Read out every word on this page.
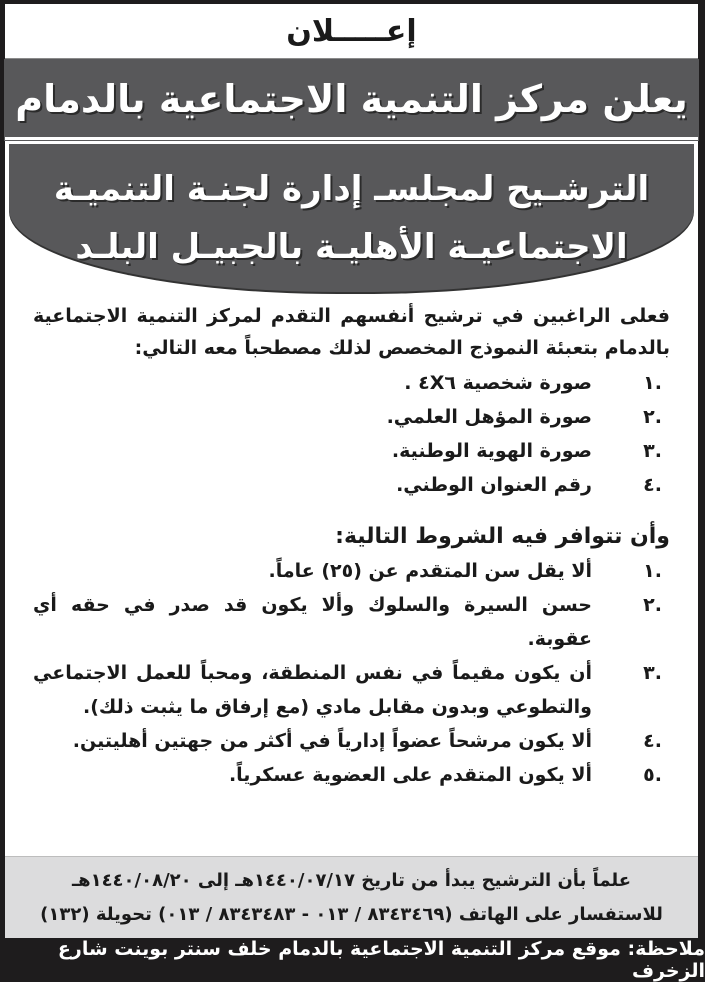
إعـــــلان
يعلن مركز التنمية الاجتماعية بالدمام
الترشـيح لمجلسـ إدارة لجنـة التنميـة
الاجتماعيـة الأهليـة بالجبيـل البلـد

فعلى الراغبين في ترشيح أنفسهم التقدم لمركز التنمية الاجتماعية بالدمام بتعبئة النموذج المخصص لذلك مصطحباً معه التالي:

.١
صورة شخصية ٤X٦ .
.٢
صورة المؤهل العلمي.
.٣
صورة الهوية الوطنية.
.٤
رقم العنوان الوطني.
وأن تتوافر فيه الشروط التالية:
.١
ألا يقل سن المتقدم عن (٢٥) عاماً.
.٢
حسن السيرة والسلوك وألا يكون قد صدر في حقه أي عقوبة.
.٣
أن يكون مقيماً في نفس المنطقة، ومحباً للعمل الاجتماعي والتطوعي وبدون مقابل مادي (مع إرفاق ما يثبت ذلك).
.٤
ألا يكون مرشحاً عضواً إدارياً في أكثر من جهتين أهليتين.
.٥
ألا يكون المتقدم على العضوية عسكرياً.
علماً بأن الترشيح يبدأ من تاريخ ١٤٤٠/٠٧/١٧هـ إلى ١٤٤٠/٠٨/٢٠هـ
للاستفسار على الهاتف (٨٣٤٣٤٦٩ / ٠١٣ - ٨٣٤٣٤٨٣ / ٠١٣) تحويلة (١٣٢)
ملاحظة: موقع مركز التنمية الاجتماعية بالدمام خلف سنتر بوينت شارع الزخرف
